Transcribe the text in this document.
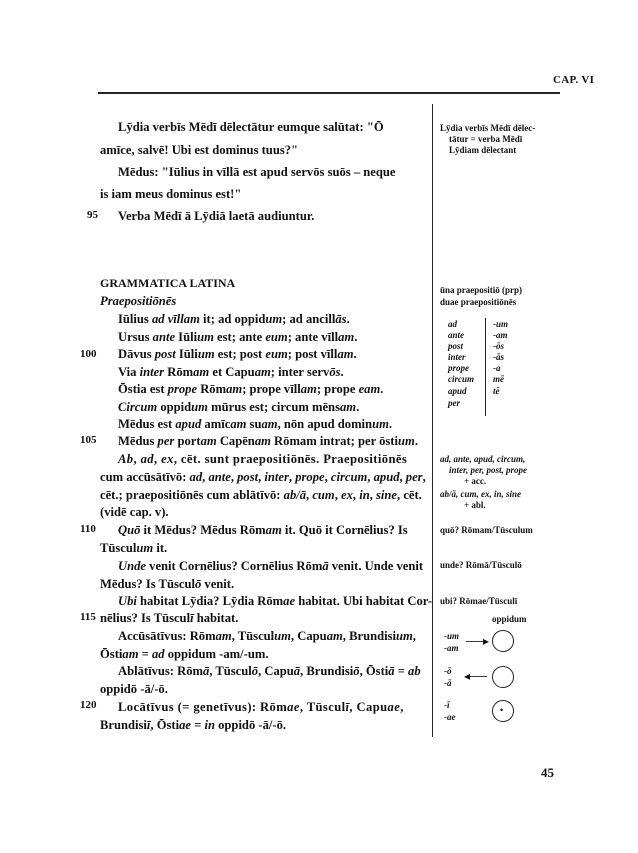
CAP. VI
95
100
105
110
115
120
Lȳdia verbīs Mēdī dēlectātur eumque salūtat: "Ō
amīce, salvē! Ubi est dominus tuus?"
Mēdus: "Iūlius in vīllā est apud servōs suōs – neque
is iam meus dominus est!"
Verba Mēdī ā Lȳdiā laetā audiuntur.
Lȳdia verbīs Mēdī dēlec-
tātur = verba Mēdī
Lȳdiam dēlectant
GRAMMATICA LATINA
Praepositiōnēs
ūna praepositiō (prp)
duae praepositiōnēs
ad
ante
post
inter
prope
circum
apud
per
-um
-am
-ōs
-ās
-a
mē
tē
Iūlius ad vīllam it; ad oppidum; ad ancillās.
Ursus ante Iūlium est; ante eum; ante vīllam.
Dāvus post Iūlium est; post eum; post vīllam.
Via inter Rōmam et Capuam; inter servōs.
Ōstia est prope Rōmam; prope vīllam; prope eam.
Circum oppidum mūrus est; circum mēnsam.
Mēdus est apud amīcam suam, nōn apud dominum.
Mēdus per portam Capēnam Rōmam intrat; per ōstium.
Ab, ad, ex, cēt. sunt praepositiōnēs. Praepositiōnēs
cum accūsātīvō: ad, ante, post, inter, prope, circum, apud, per,
cēt.; praepositiōnēs cum ablātīvō: ab/ā, cum, ex, in, sine, cēt.
(vidē cap. v).
Quō it Mēdus? Mēdus Rōmam it. Quō it Cornēlius? Is
Tūsculum it.
Unde venit Cornēlius? Cornēlius Rōmā venit. Unde venit
Mēdus? Is Tūsculō venit.
Ubi habitat Lȳdia? Lȳdia Rōmae habitat. Ubi habitat Cor-
nēlius? Is Tūsculī habitat.
Accūsātīvus: Rōmam, Tūsculum, Capuam, Brundisium,
Ōstiam = ad oppidum -am/-um.
Ablātīvus: Rōmā, Tūsculō, Capuā, Brundisiō, Ōstiā = ab
oppidō -ā/-ō.
Locātīvus (= genetīvus): Rōmae, Tūsculī, Capuae,
Brundisiī, Ōstiae = in oppidō -ā/-ō.
ad, ante, apud, circum,
inter, per, post, prope
+ acc.
ab/ā, cum, ex, in, sine
+ abl.
quō? Rōmam/Tūsculum
unde? Rōmā/Tūsculō
ubi? Rōmae/Tūsculī
oppidum
-um
-am ──▸
-ō
-ā ◂──
-ī
-ae
•
45
